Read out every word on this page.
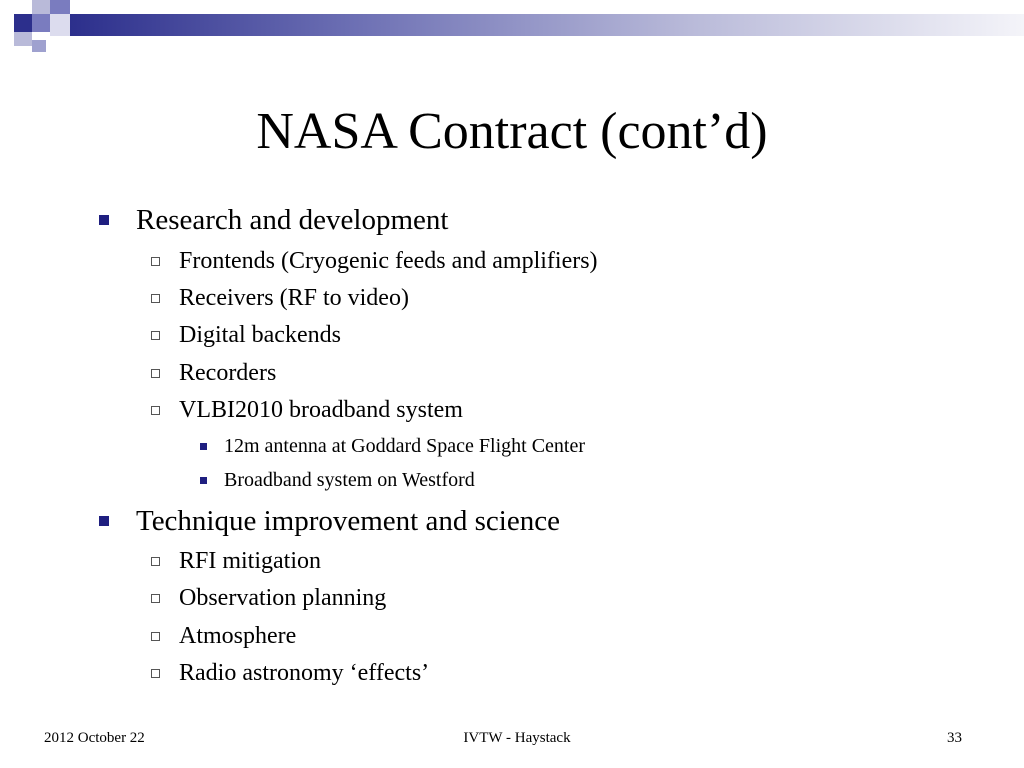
NASA Contract (cont’d)
Research and development
Frontends (Cryogenic feeds and amplifiers)
Receivers (RF to video)
Digital backends
Recorders
VLBI2010 broadband system
12m antenna at Goddard Space Flight Center
Broadband system on Westford
Technique improvement and science
RFI mitigation
Observation planning
Atmosphere
Radio astronomy ‘effects’
2012 October 22	IVTW - Haystack	33
